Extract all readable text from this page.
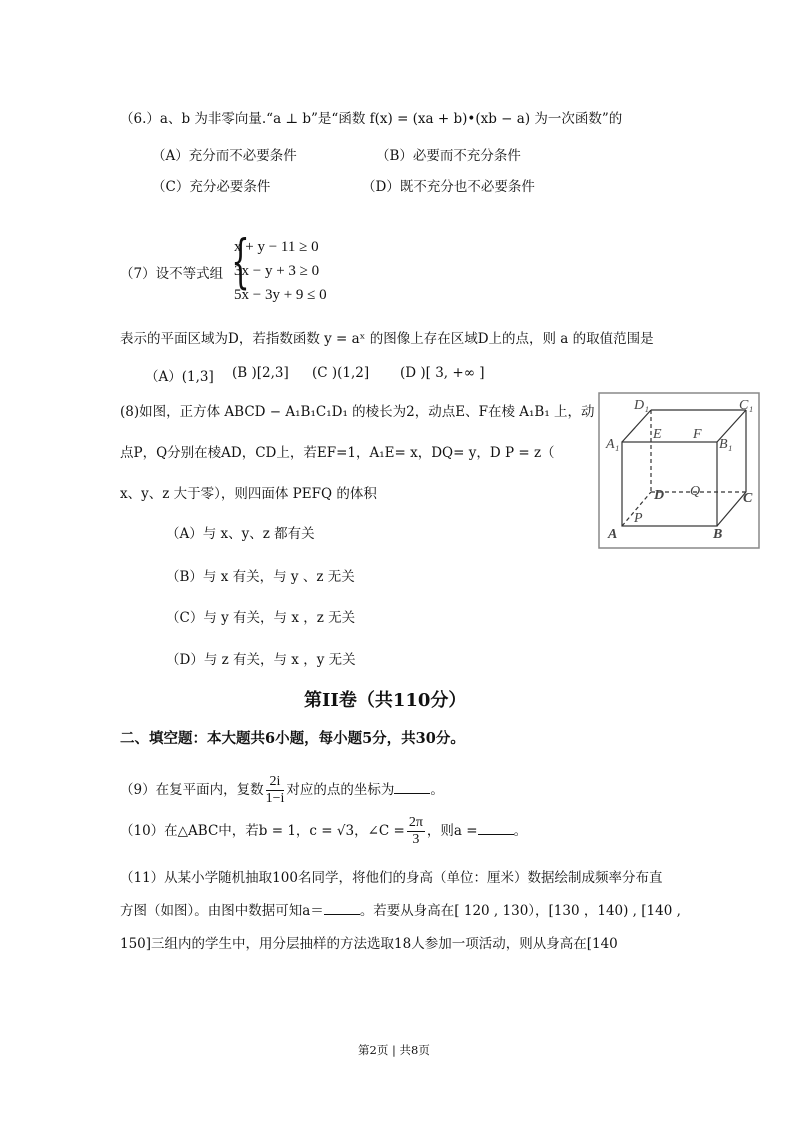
（6.）a、b 为非零向量.“a ⊥ b”是“函数 f(x) = (xa + b)•(xb − a) 为一次函数”的
（A）充分而不必要条件	（B）必要而不充分条件
（C）充分必要条件	（D）既不充分也不必要条件
（7）设不等式组 {
x + y − 11 ≥ 0
3x − y + 3 ≥ 0
5x − 3y + 9 ≤ 0
表示的平面区域为D，若指数函数 y = aˣ 的图像上存在区域D上的点，则 a 的取值范围是
（A）(1,3] (B )[2,3] (C )(1,2] (D )[ 3, +∞ ]
(8)如图，正方体 ABCD − A₁B₁C₁D₁ 的棱长为2，动点E、F在棱 A₁B₁ 上，动
点P，Q分别在棱AD，CD上，若EF=1，A₁E= x，DQ= y，D P = z（
x、y、z 大于零），则四面体 PEFQ 的体积
（A）与 x、y、z 都有关
（B）与 x 有关，与 y 、z 无关
（C）与 y 有关，与 x ，z 无关
（D）与 z 有关，与 x ，y 无关
A₁
D₁	C₁
B₁
E F
D Q	C
P
A	B
第II卷（共110分）
二、填空题：本大题共6小题，每小题5分，共30分。
（9）在复平面内，复数 $\frac{2i}{1-i}$ 对应的点的坐标为	。
（10）在△ABC中，若b = 1，c = √3，∠C = $\frac{2\pi}{3}$ ，则a =	。
（11）从某小学随机抽取100名同学，将他们的身高（单位：厘米）数据绘制成频率分布直
方图（如图）。由图中数据可知a＝	。若要从身高在[ 120 , 130），[130 ，140) , [140 ,
150]三组内的学生中，用分层抽样的方法选取18人参加一项活动，则从身高在[140
第2页 | 共8页
